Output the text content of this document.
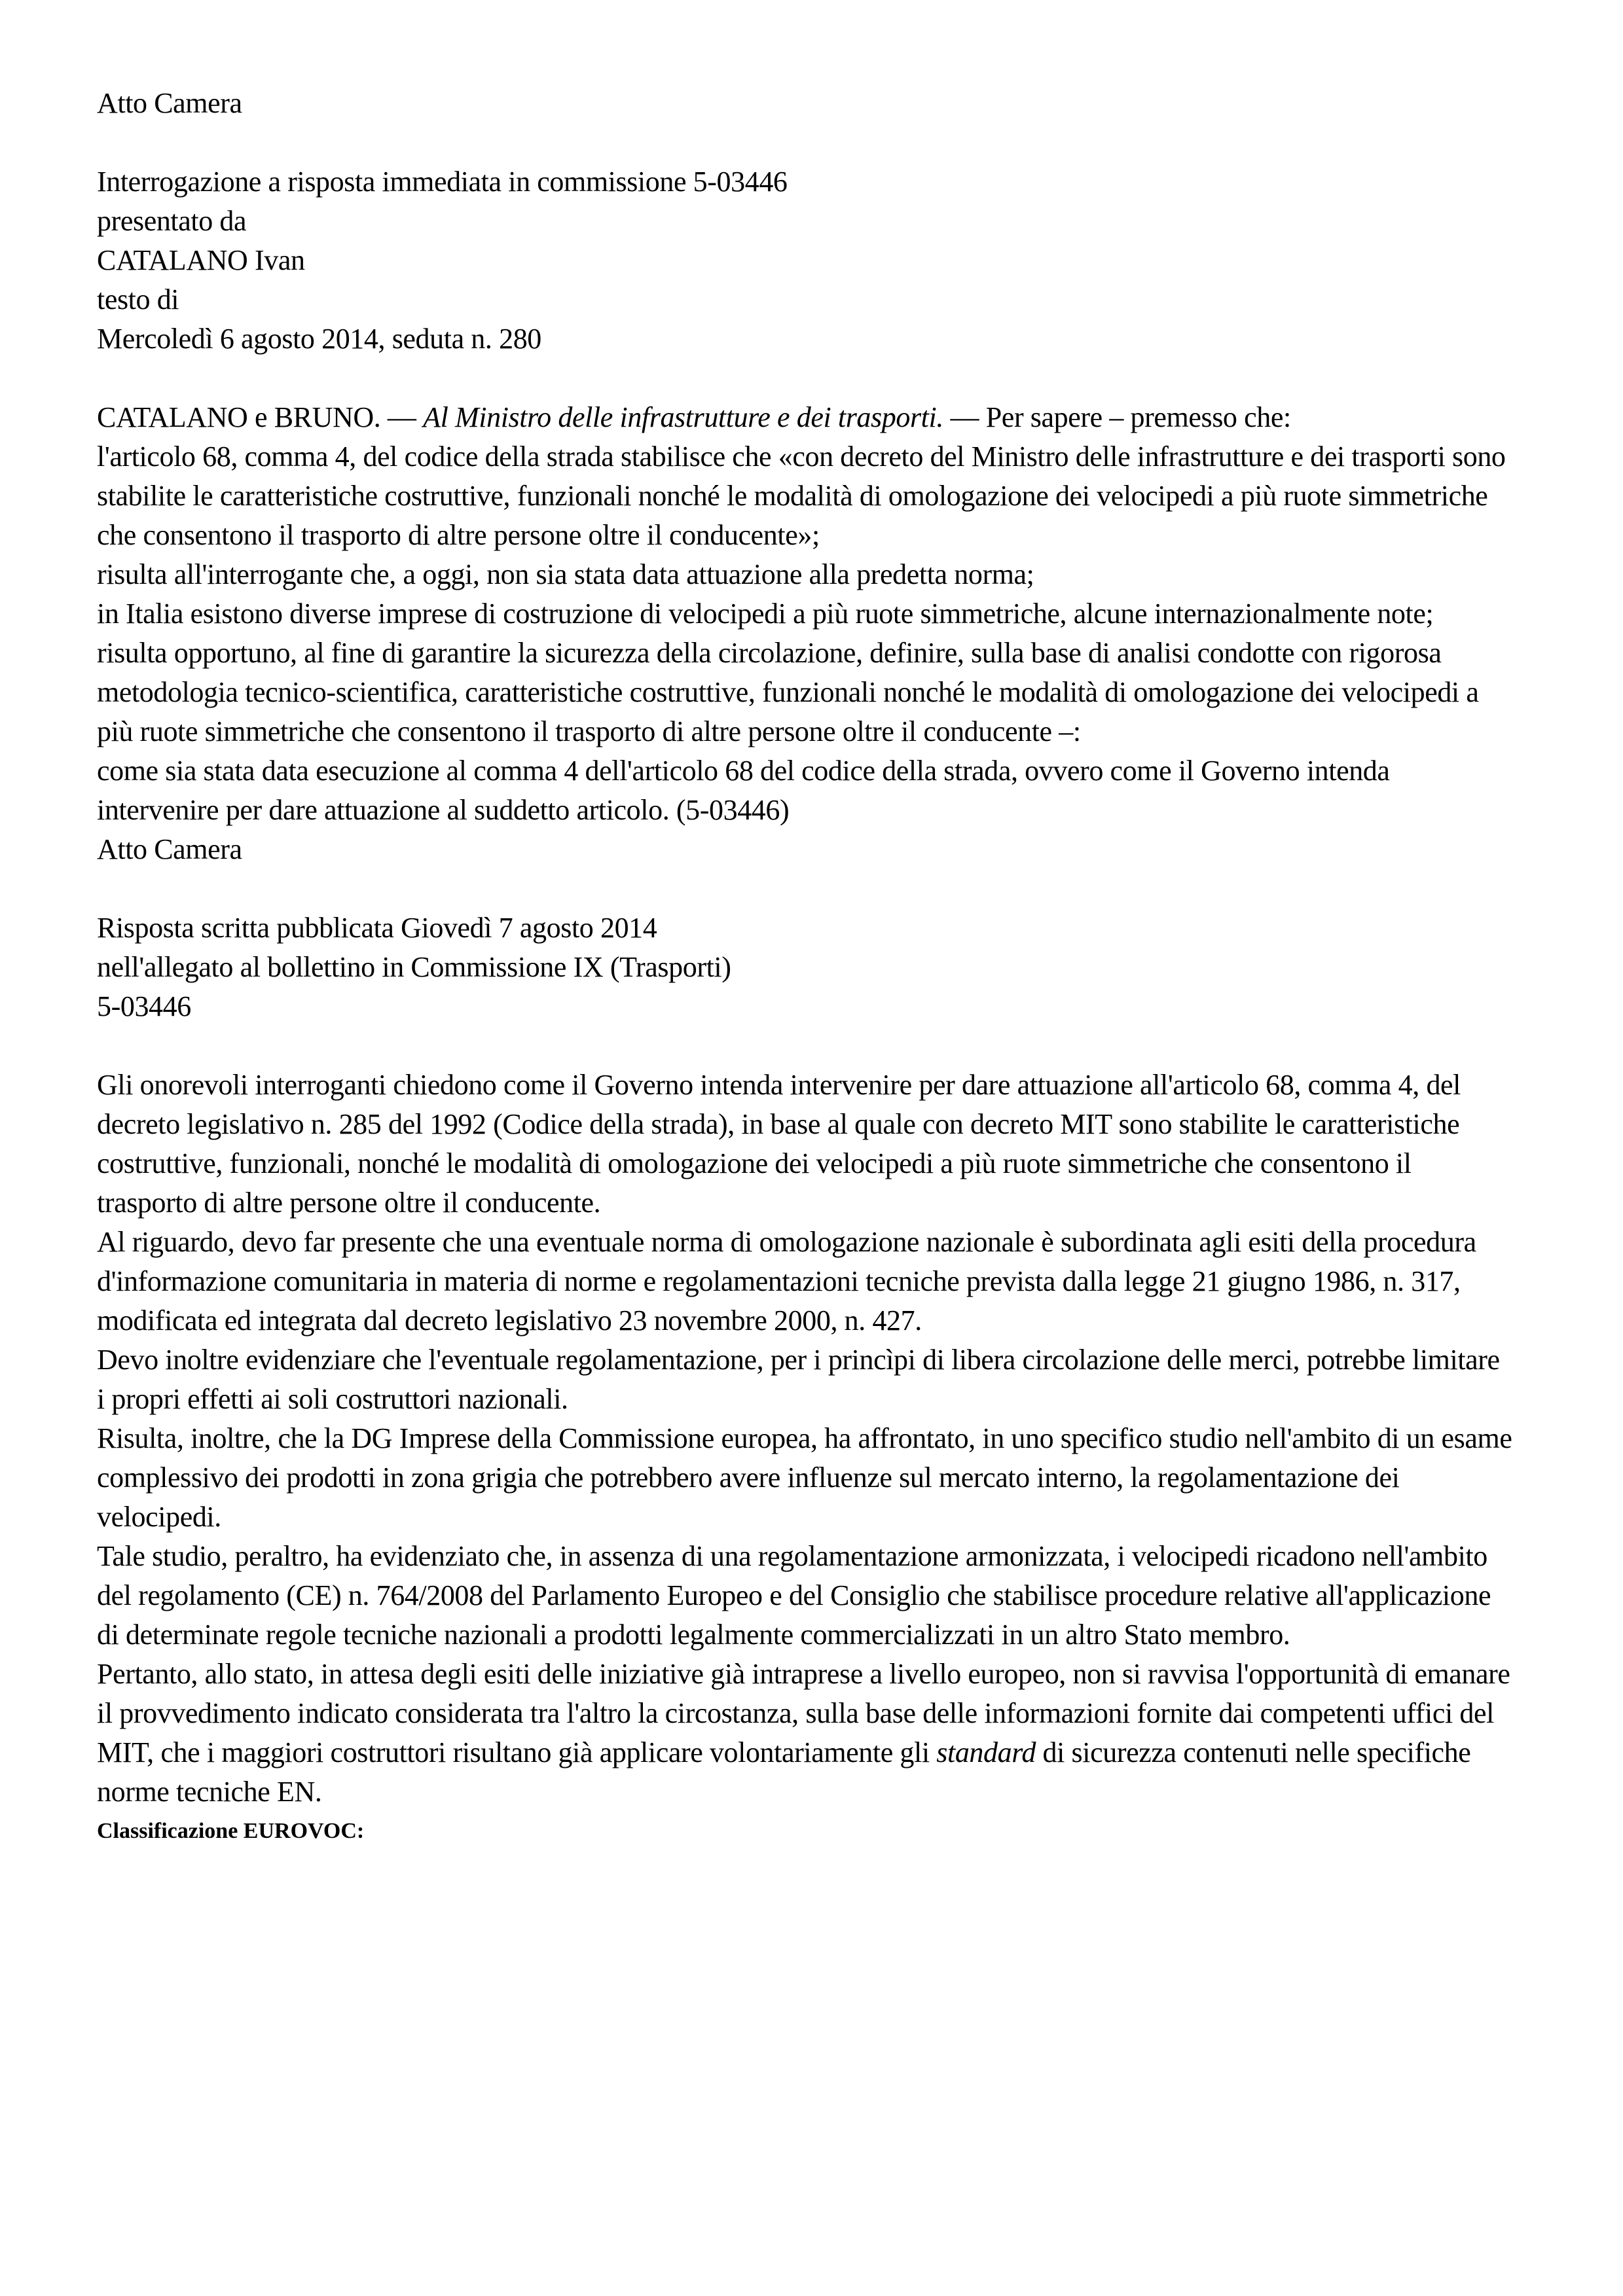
Atto Camera

Interrogazione a risposta immediata in commissione 5-03446

presentato da

CATALANO Ivan

testo di

Mercoledì 6 agosto 2014, seduta n. 280

CATALANO e BRUNO. — Al Ministro delle infrastrutture e dei trasporti. — Per sapere – premesso che:

l'articolo 68, comma 4, del codice della strada stabilisce che «con decreto del Ministro delle infrastrutture e dei trasporti sono stabilite le caratteristiche costruttive, funzionali nonché le modalità di omologazione dei velocipedi a più ruote simmetriche che consentono il trasporto di altre persone oltre il conducente»;

risulta all'interrogante che, a oggi, non sia stata data attuazione alla predetta norma;

in Italia esistono diverse imprese di costruzione di velocipedi a più ruote simmetriche, alcune internazionalmente note;

risulta opportuno, al fine di garantire la sicurezza della circolazione, definire, sulla base di analisi condotte con rigorosa metodologia tecnico-scientifica, caratteristiche costruttive, funzionali nonché le modalità di omologazione dei velocipedi a più ruote simmetriche che consentono il trasporto di altre persone oltre il conducente –:

come sia stata data esecuzione al comma 4 dell'articolo 68 del codice della strada, ovvero come il Governo intenda intervenire per dare attuazione al suddetto articolo. (5-03446)

Atto Camera

Risposta scritta pubblicata Giovedì 7 agosto 2014

nell'allegato al bollettino in Commissione IX (Trasporti)

5-03446

Gli onorevoli interroganti chiedono come il Governo intenda intervenire per dare attuazione all'articolo 68, comma 4, del decreto legislativo n. 285 del 1992 (Codice della strada), in base al quale con decreto MIT sono stabilite le caratteristiche costruttive, funzionali, nonché le modalità di omologazione dei velocipedi a più ruote simmetriche che consentono il trasporto di altre persone oltre il conducente.

Al riguardo, devo far presente che una eventuale norma di omologazione nazionale è subordinata agli esiti della procedura d'informazione comunitaria in materia di norme e regolamentazioni tecniche prevista dalla legge 21 giugno 1986, n. 317, modificata ed integrata dal decreto legislativo 23 novembre 2000, n. 427.

Devo inoltre evidenziare che l'eventuale regolamentazione, per i princìpi di libera circolazione delle merci, potrebbe limitare i propri effetti ai soli costruttori nazionali.

Risulta, inoltre, che la DG Imprese della Commissione europea, ha affrontato, in uno specifico studio nell'ambito di un esame complessivo dei prodotti in zona grigia che potrebbero avere influenze sul mercato interno, la regolamentazione dei velocipedi.

Tale studio, peraltro, ha evidenziato che, in assenza di una regolamentazione armonizzata, i velocipedi ricadono nell'ambito del regolamento (CE) n. 764/2008 del Parlamento Europeo e del Consiglio che stabilisce procedure relative all'applicazione di determinate regole tecniche nazionali a prodotti legalmente commercializzati in un altro Stato membro.

Pertanto, allo stato, in attesa degli esiti delle iniziative già intraprese a livello europeo, non si ravvisa l'opportunità di emanare il provvedimento indicato considerata tra l'altro la circostanza, sulla base delle informazioni fornite dai competenti uffici del MIT, che i maggiori costruttori risultano già applicare volontariamente gli standard di sicurezza contenuti nelle specifiche norme tecniche EN.

Classificazione EUROVOC:
